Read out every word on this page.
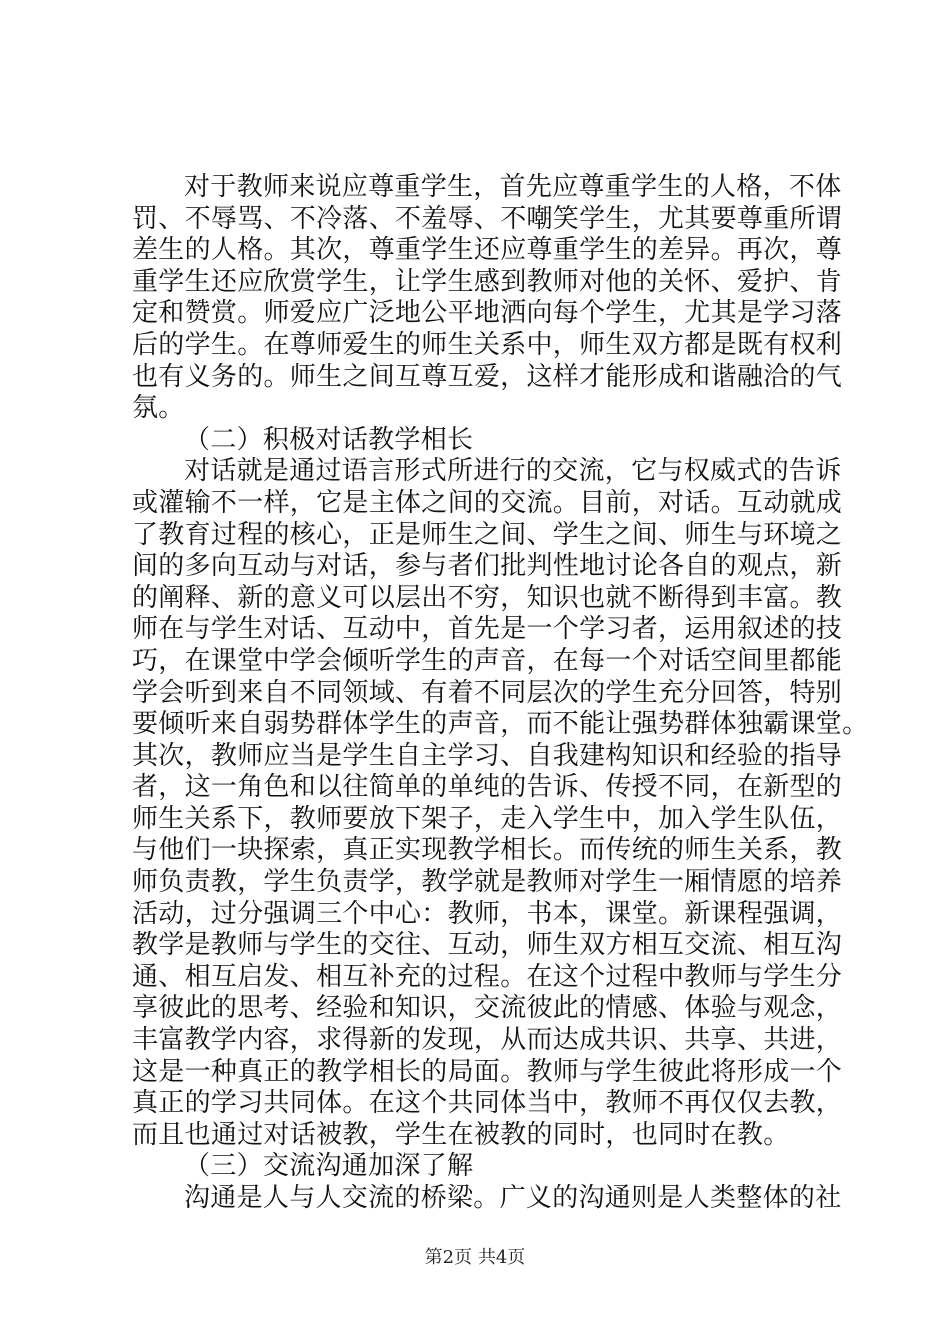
对于教师来说应尊重学生，首先应尊重学生的人格，不体
罚、不辱骂、不冷落、不羞辱、不嘲笑学生，尤其要尊重所谓
差生的人格。其次，尊重学生还应尊重学生的差异。再次，尊
重学生还应欣赏学生，让学生感到教师对他的关怀、爱护、肯
定和赞赏。师爱应广泛地公平地洒向每个学生，尤其是学习落
后的学生。在尊师爱生的师生关系中，师生双方都是既有权利
也有义务的。师生之间互尊互爱，这样才能形成和谐融洽的气
氛。
（二）积极对话教学相长
对话就是通过语言形式所进行的交流，它与权威式的告诉
或灌输不一样，它是主体之间的交流。目前，对话。互动就成
了教育过程的核心，正是师生之间、学生之间、师生与环境之
间的多向互动与对话，参与者们批判性地讨论各自的观点，新
的阐释、新的意义可以层出不穷，知识也就不断得到丰富。教
师在与学生对话、互动中，首先是一个学习者，运用叙述的技
巧，在课堂中学会倾听学生的声音，在每一个对话空间里都能
学会听到来自不同领域、有着不同层次的学生充分回答，特别
要倾听来自弱势群体学生的声音，而不能让强势群体独霸课堂。
其次，教师应当是学生自主学习、自我建构知识和经验的指导
者，这一角色和以往简单的单纯的告诉、传授不同，在新型的
师生关系下，教师要放下架子，走入学生中，加入学生队伍，
与他们一块探索，真正实现教学相长。而传统的师生关系，教
师负责教，学生负责学，教学就是教师对学生一厢情愿的培养
活动，过分强调三个中心：教师，书本，课堂。新课程强调，
教学是教师与学生的交往、互动，师生双方相互交流、相互沟
通、相互启发、相互补充的过程。在这个过程中教师与学生分
享彼此的思考、经验和知识，交流彼此的情感、体验与观念，
丰富教学内容，求得新的发现，从而达成共识、共享、共进，
这是一种真正的教学相长的局面。教师与学生彼此将形成一个
真正的学习共同体。在这个共同体当中，教师不再仅仅去教，
而且也通过对话被教，学生在被教的同时，也同时在教。
（三）交流沟通加深了解
沟通是人与人交流的桥梁。广义的沟通则是人类整体的社
第2页 共4页
